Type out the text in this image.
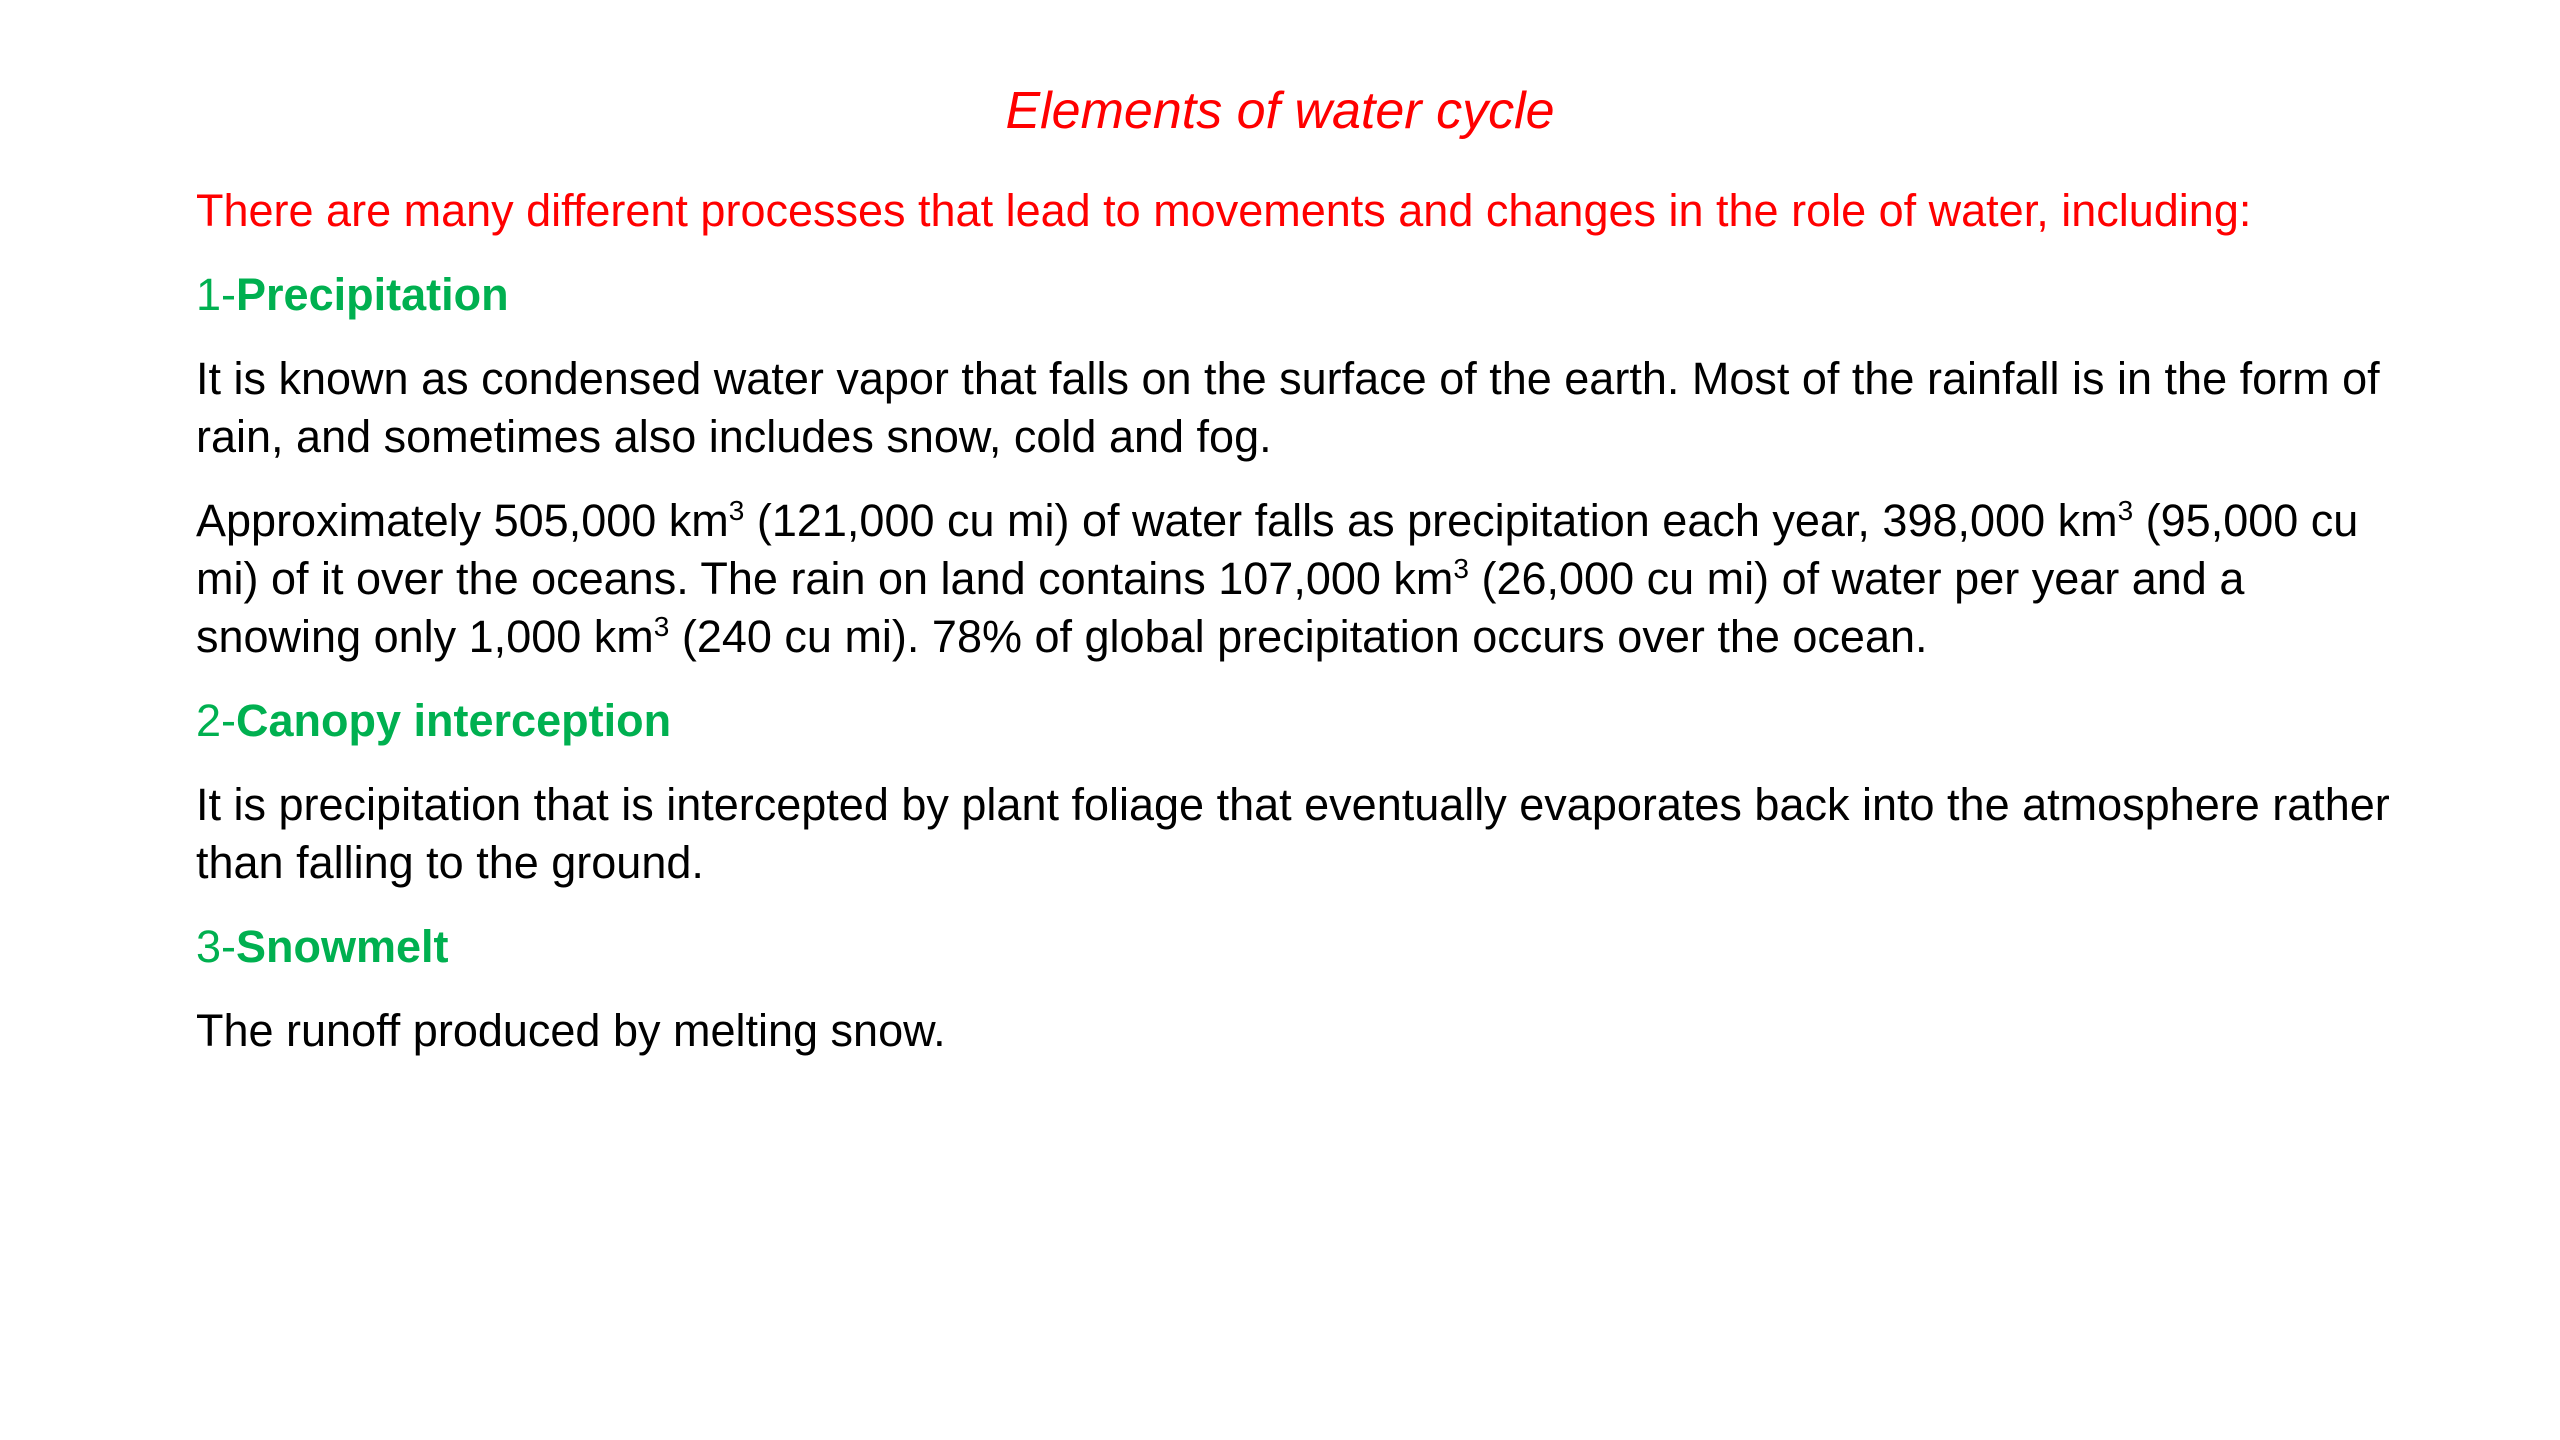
Elements of water cycle

There are many different processes that lead to movements and changes in the role of water, including:

1-Precipitation

It is known as condensed water vapor that falls on the surface of the earth. Most of the rainfall is in the form of rain, and sometimes also includes snow, cold and fog.

Approximately 505,000 $km^3$ (121,000 cu mi) of water falls as precipitation each year, 398,000 $km^3$ (95,000 cu mi) of it over the oceans. The rain on land contains 107,000 $km^3$ (26,000 cu mi) of water per year and a snowing only 1,000 $km^3$ (240 cu mi). 78% of global precipitation occurs over the ocean.

2-Canopy interception

It is precipitation that is intercepted by plant foliage that eventually evaporates back into the atmosphere rather than falling to the ground.

3-Snowmelt

The runoff produced by melting snow.
